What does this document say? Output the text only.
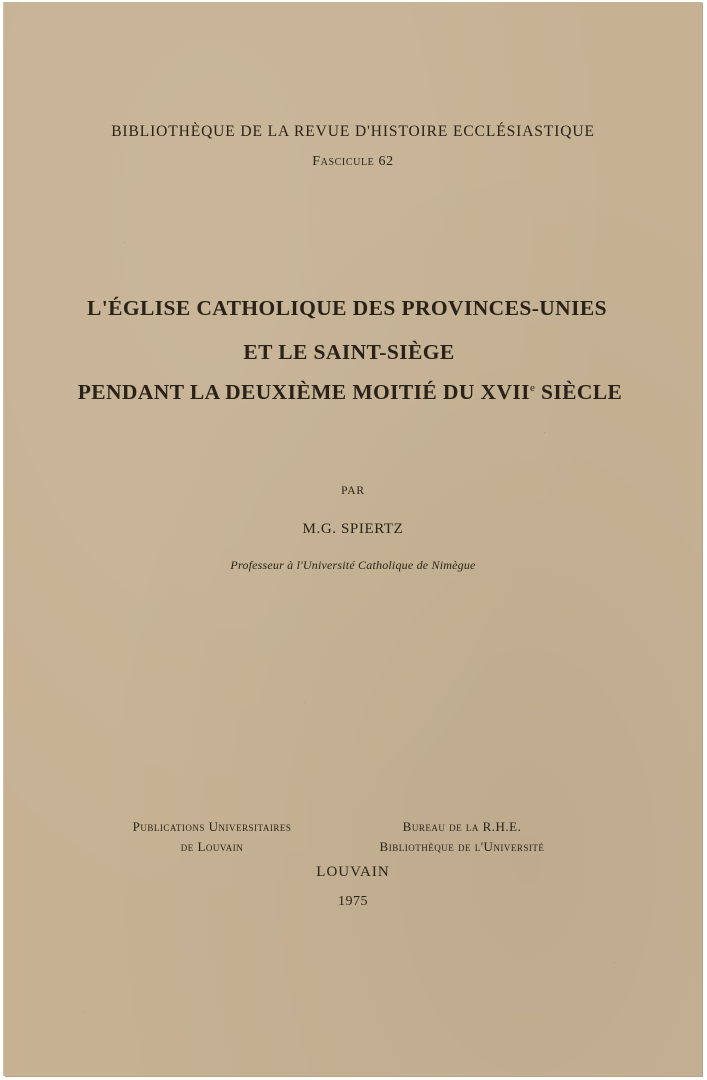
BIBLIOTHÈQUE DE LA REVUE D'HISTOIRE ECCLÉSIASTIQUE

Fascicule 62

L'ÉGLISE CATHOLIQUE DES PROVINCES-UNIES

ET LE SAINT-SIÈGE

PENDANT LA DEUXIÈME MOITIÉ DU XVIIe SIÈCLE

PAR

M.G. SPIERTZ

Professeur à l'Université Catholique de Nimègue

Publications Universitaires
de Louvain
Bureau de la R.H.E.
Bibliothèque de l'Université

LOUVAIN

1975
